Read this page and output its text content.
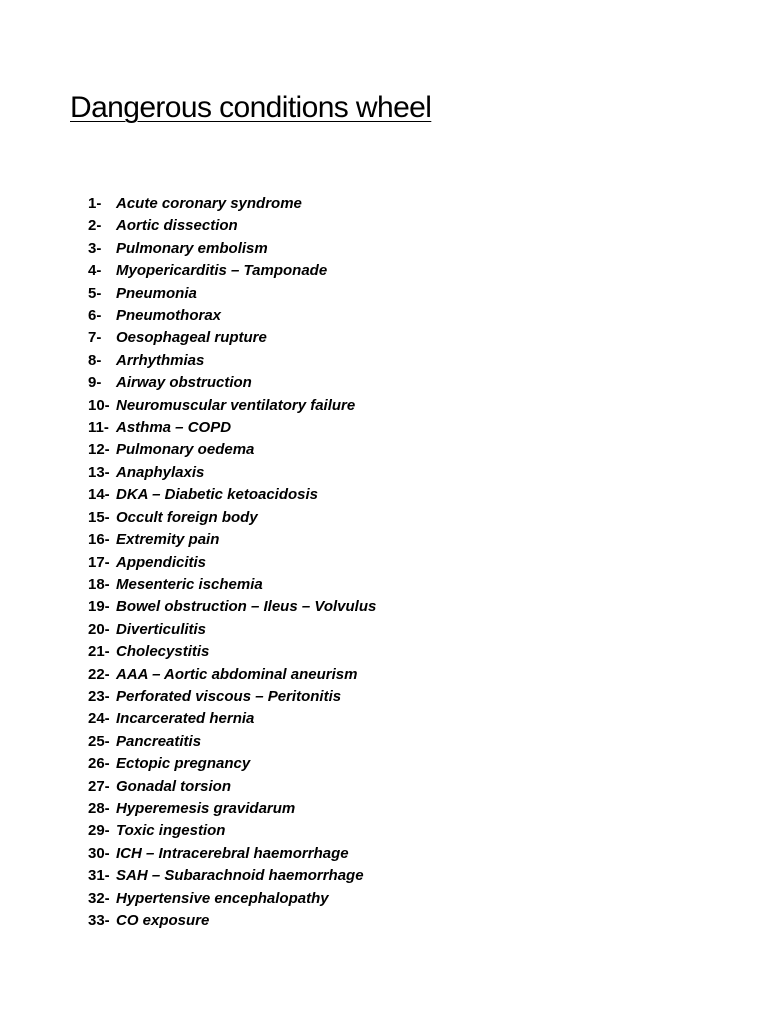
Dangerous conditions wheel
1- Acute coronary syndrome
2- Aortic dissection
3- Pulmonary embolism
4- Myopericarditis – Tamponade
5- Pneumonia
6- Pneumothorax
7- Oesophageal rupture
8- Arrhythmias
9- Airway obstruction
10- Neuromuscular ventilatory failure
11- Asthma – COPD
12- Pulmonary oedema
13- Anaphylaxis
14- DKA – Diabetic ketoacidosis
15- Occult foreign body
16- Extremity pain
17- Appendicitis
18- Mesenteric ischemia
19- Bowel obstruction – Ileus – Volvulus
20- Diverticulitis
21- Cholecystitis
22- AAA – Aortic abdominal aneurism
23- Perforated viscous – Peritonitis
24- Incarcerated hernia
25- Pancreatitis
26- Ectopic pregnancy
27- Gonadal torsion
28- Hyperemesis gravidarum
29- Toxic ingestion
30- ICH – Intracerebral haemorrhage
31- SAH – Subarachnoid haemorrhage
32- Hypertensive encephalopathy
33- CO exposure
